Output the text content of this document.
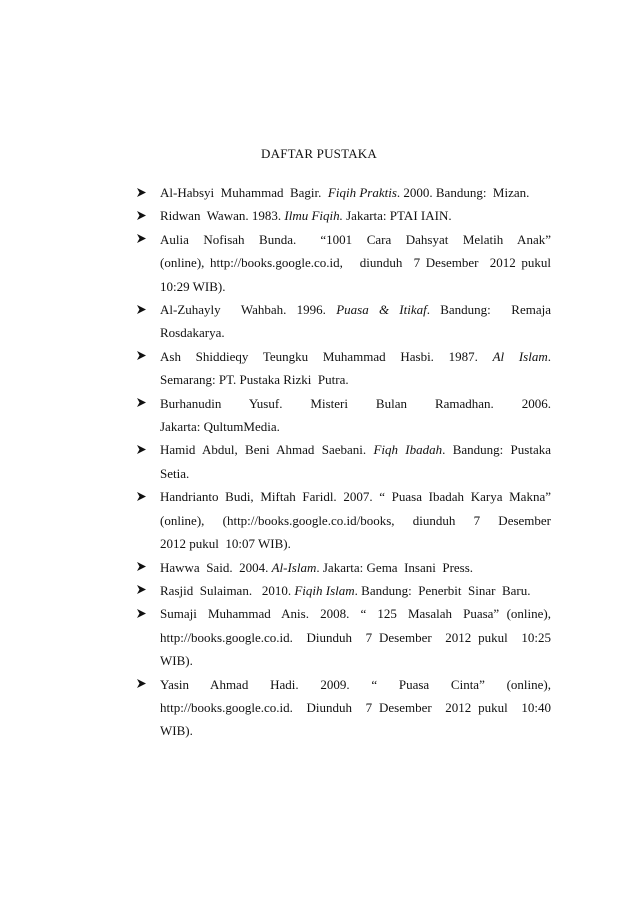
DAFTAR PUSTAKA
Al-Habsyi  Muhammad  Bagir.  Fiqih Praktis. 2000. Bandung:  Mizan.
Ridwan  Wawan. 1983. Ilmu Fiqih. Jakarta: PTAI IAIN.
Aulia   Nofisah   Bunda.     “1001   Cara   Dahsyat   Melatih   Anak”  (online), http://books.google.co.id,   diunduh  7 Desember  2012 pukul  10:29 WIB).
Al-Zuhayly  Wahbah. 1996. Puasa & Itikaf. Bandung:  Remaja  Rosdakarya.
Ash  Shiddieqy  Teungku  Muhammad  Hasbi.  1987.  Al  Islam.  Semarang: PT. Pustaka Rizki  Putra.
Burhanudin      Yusuf.      Misteri      Bulan      Ramadhan.      2006.      Jakarta: QultumMedia.
Hamid  Abdul,  Beni  Ahmad  Saebani.  Fiqh  Ibadah.  Bandung:  Pustaka Setia.
Handrianto  Budi,  Miftah  Faridl.  2007.  “  Puasa  Ibadah  Karya  Makna” (online),   (http://books.google.co.id/books,   diunduh   7   Desember   2012 pukul  10:07 WIB).
Hawwa  Said.  2004. Al-Islam. Jakarta: Gema  Insani  Press.
Rasjid  Sulaiman.   2010. Fiqih Islam. Bandung:  Penerbit  Sinar  Baru.
Sumaji   Muhammad   Anis.   2008.   “   125   Masalah   Puasa”  (online), http://books.google.co.id.  Diunduh  7 Desember  2012 pukul  10:25 WIB).
Yasin      Ahmad      Hadi.      2009.      “      Puasa      Cinta”      (online), http://books.google.co.id.  Diunduh  7 Desember  2012 pukul  10:40  WIB).
